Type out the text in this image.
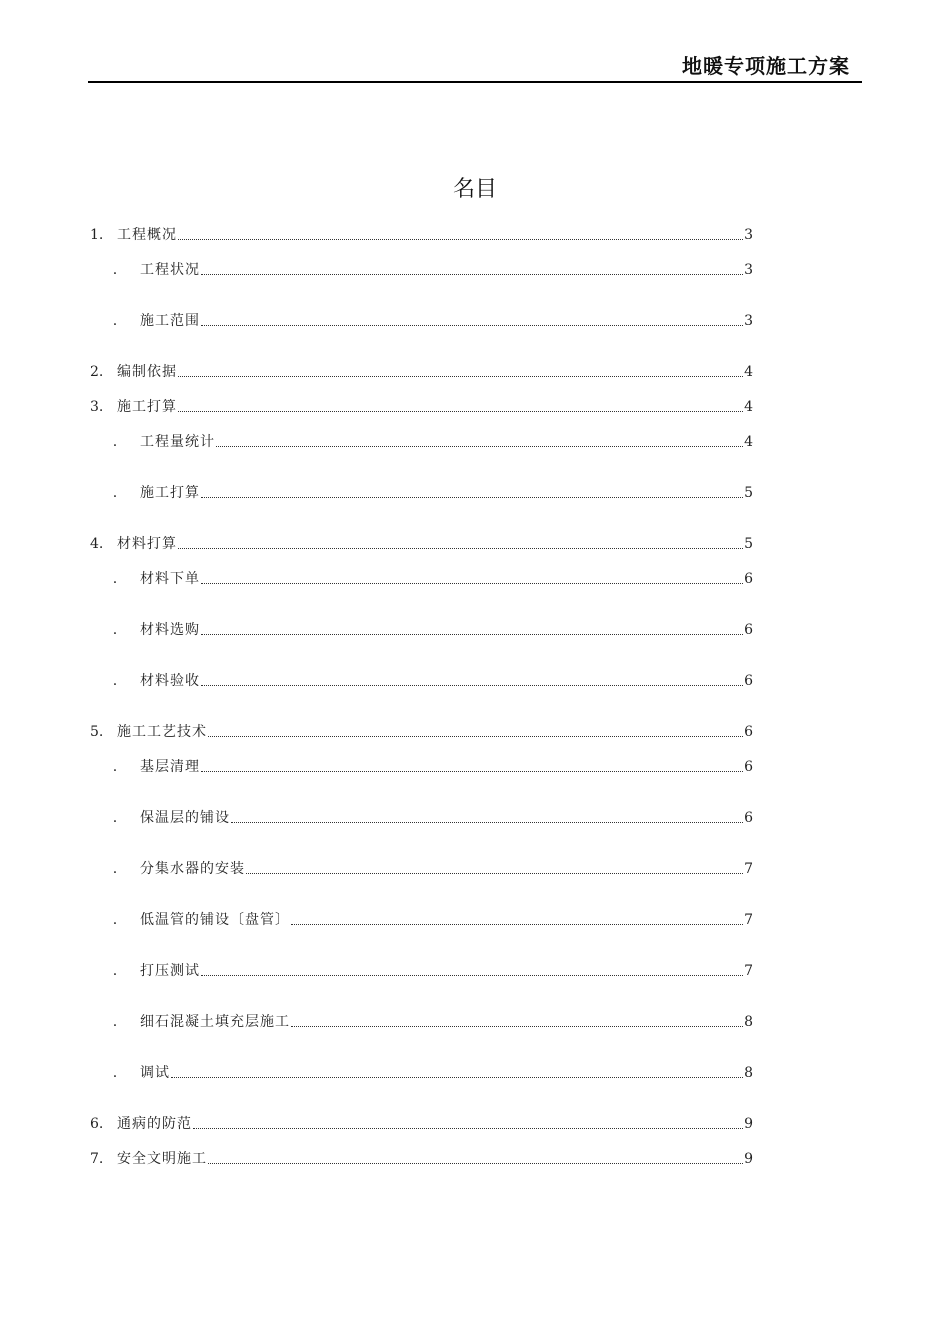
地暖专项施工方案
名目
1. 工程概况	3
.	工程状况	3
.	施工范围	3
2. 编制依据	4
3. 施工打算	4
.	工程量统计	4
.	施工打算	5
4. 材料打算	5
.	材料下单	6
.	材料选购	6
.	材料验收	6
5. 施工工艺技术	6
.	基层清理	6
.	保温层的铺设	6
.	分集水器的安装	7
.	低温管的铺设〔盘管〕	7
.	打压测试	7
.	细石混凝土填充层施工	8
.	调试	8
6. 通病的防范	9
7. 安全文明施工	9
